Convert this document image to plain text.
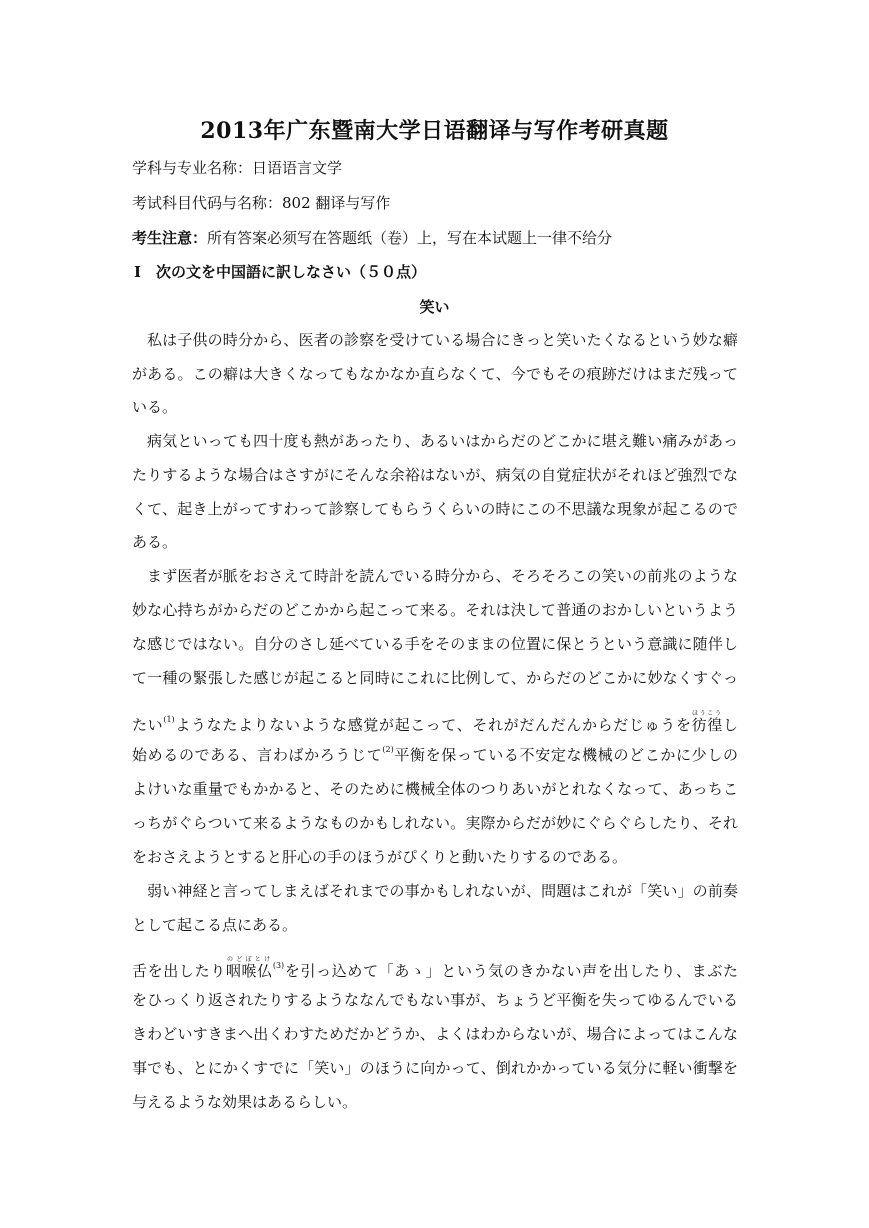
2013年广东暨南大学日语翻译与写作考研真题
学科与专业名称：日语语言文学
考试科目代码与名称：802 翻译与写作
考生注意：所有答案必须写在答题纸（卷）上，写在本试题上一律不给分
Ⅰ　次の文を中国語に訳しなさい（５０点）
笑い
私は子供の時分から、医者の診察を受けている場合にきっと笑いたくなるという妙な癖
がある。この癖は大きくなってもなかなか直らなくて、今でもその痕跡だけはまだ残って
いる。
病気といっても四十度も熱があったり、あるいはからだのどこかに堪え難い痛みがあっ
たりするような場合はさすがにそんな余裕はないが、病気の自覚症状がそれほど強烈でな
くて、起き上がってすわって診察してもらうくらいの時にこの不思議な現象が起こるので
ある。
まず医者が脈をおさえて時計を読んでいる時分から、そろそろこの笑いの前兆のような
妙な心持ちがからだのどこかから起こって来る。それは決して普通のおかしいというよう
な感じではない。自分のさし延べている手をそのままの位置に保とうという意識に随伴し
て一種の緊張した感じが起こると同時にこれに比例して、からだのどこかに妙なくすぐっ
たい$^{(1)}$ようなたよりないような感覚が起こって、それがだんだんからだじゅうを彷徨ほうこうし
始めるのである、言わばかろうじて$^{(2)}$平衡を保っている不安定な機械のどこかに少しの
よけいな重量でもかかると、そのために機械全体のつりあいがとれなくなって、あっちこ
っちがぐらついて来るようなものかもしれない。実際からだが妙にぐらぐらしたり、それ
をおさえようとすると肝心の手のほうがぴくりと動いたりするのである。
弱い神経と言ってしまえばそれまでの事かもしれないが、問題はこれが「笑い」の前奏
として起こる点にある。
舌を出したり咽喉仏のどぼとけ$^{(3)}$を引っ込めて「あゝ」という気のきかない声を出したり、まぶた
をひっくり返されたりするようななんでもない事が、ちょうど平衡を失ってゆるんでいる
きわどいすきまへ出くわすためだかどうか、よくはわからないが、場合によってはこんな
事でも、とにかくすでに「笑い」のほうに向かって、倒れかかっている気分に軽い衝撃を
与えるような効果はあるらしい。
